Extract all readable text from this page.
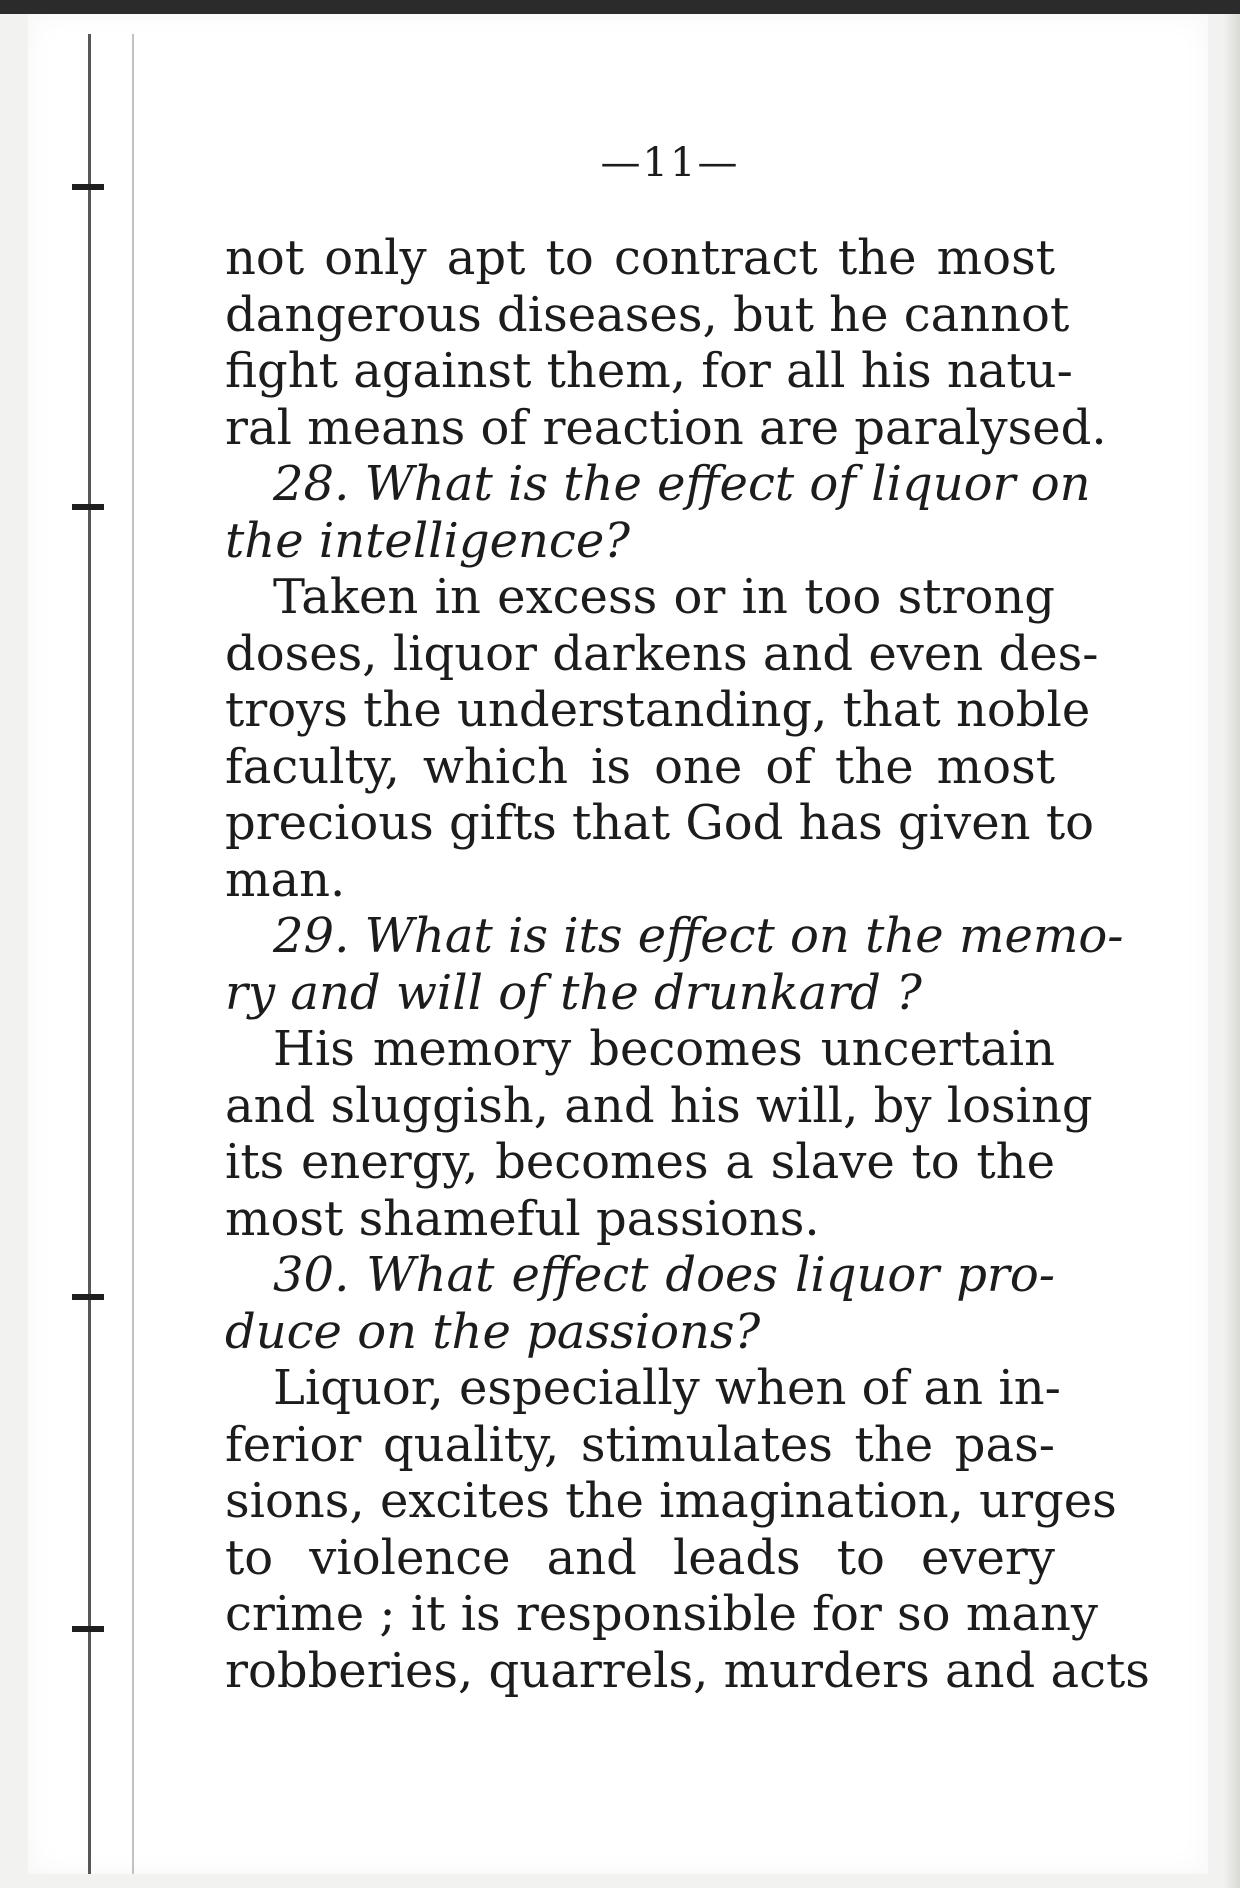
—11—
not only apt to contract the most
dangerous diseases, but he cannot
fight against them, for all his natu-
ral means of reaction are paralysed.
28. What is the effect of liquor on
the intelligence?
Taken in excess or in too strong
doses, liquor darkens and even des-
troys the understanding, that noble
faculty, which is one of the most
precious gifts that God has given to
man.
29. What is its effect on the memo-
ry and will of the drunkard ?
His memory becomes uncertain
and sluggish, and his will, by losing
its energy, becomes a slave to the
most shameful passions.
30. What effect does liquor pro-
duce on the passions?
Liquor, especially when of an in-
ferior quality, stimulates the pas-
sions, excites the imagination, urges
to violence and leads to every
crime ; it is responsible for so many
robberies, quarrels, murders and acts
